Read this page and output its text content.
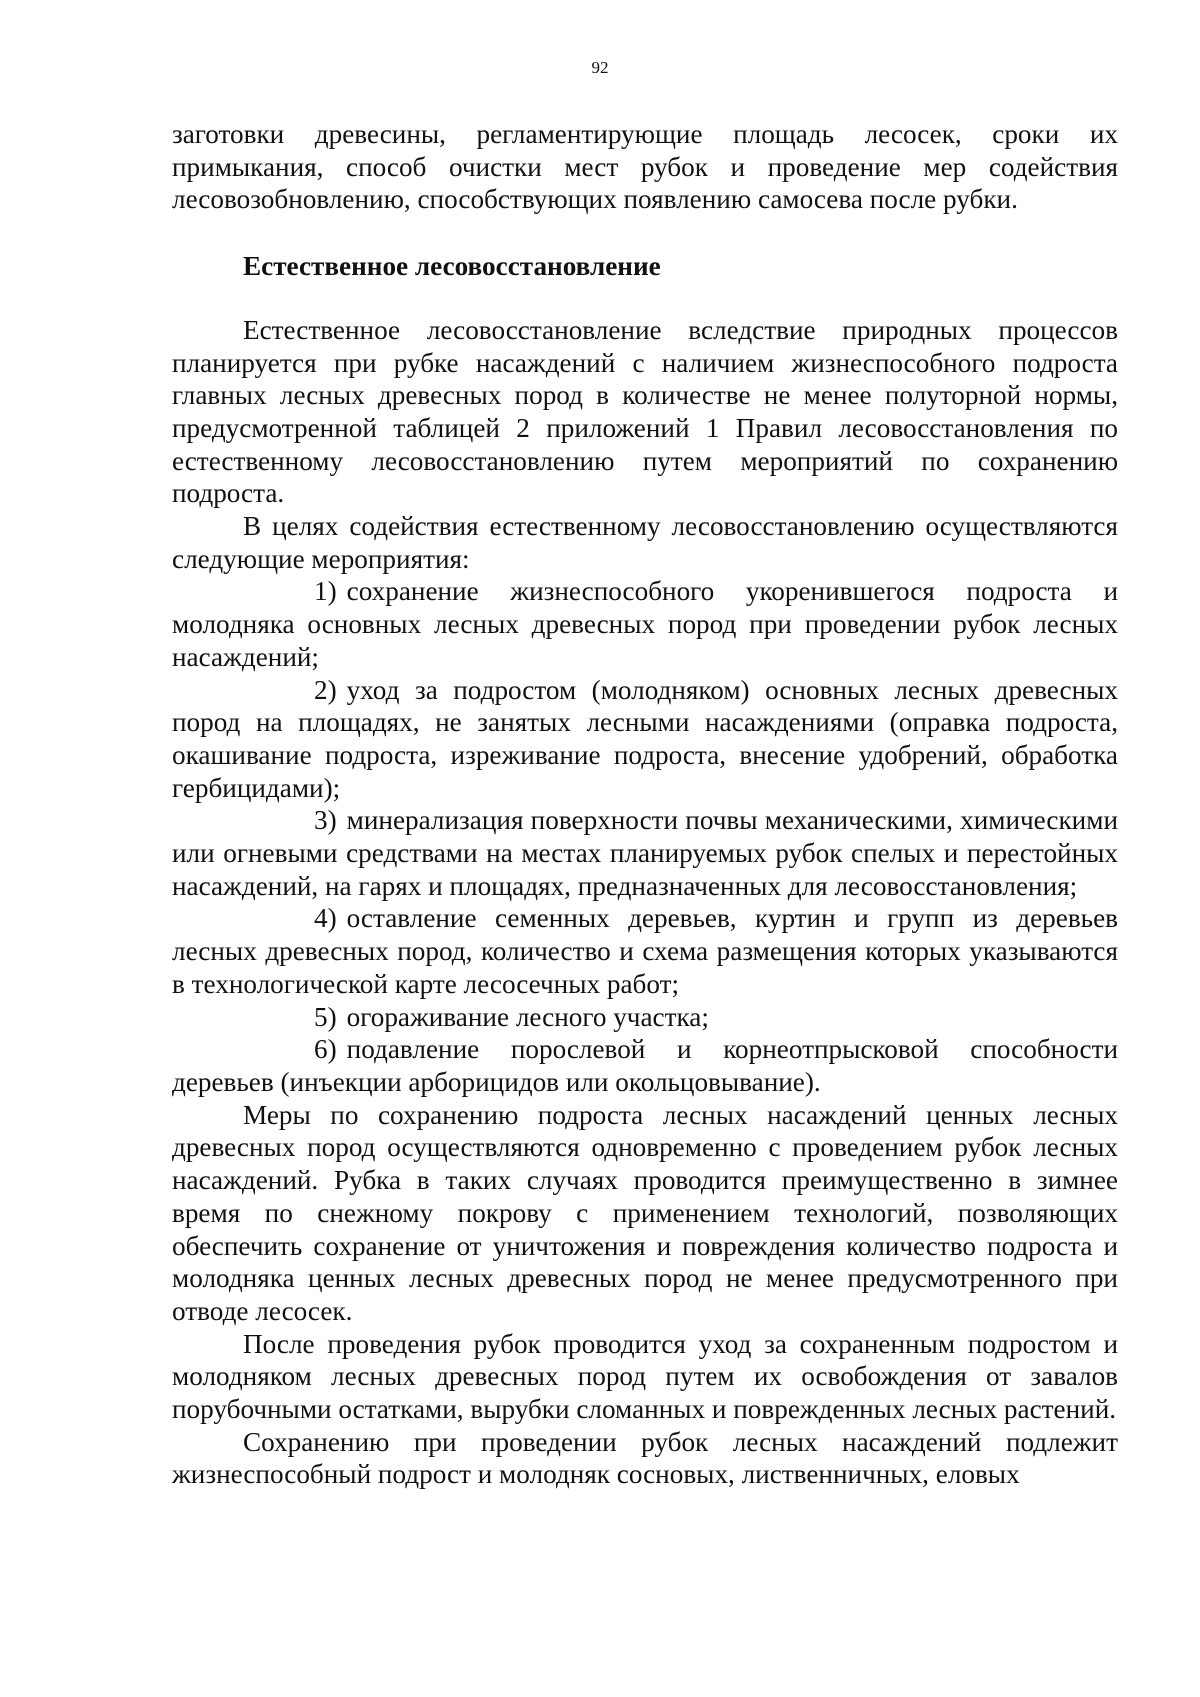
92

заготовки древесины, регламентирующие площадь лесосек, сроки их примыкания, способ очистки мест рубок и проведение мер содействия лесовозобновлению, способствующих появлению самосева после рубки.

Естественное лесовосстановление

Естественное лесовосстановление вследствие природных процессов планируется при рубке насаждений с наличием жизнеспособного подроста главных лесных древесных пород в количестве не менее полуторной нормы, предусмотренной таблицей 2 приложений 1 Правил лесовосстановления по естественному лесовосстановлению путем мероприятий по сохранению подроста.

В целях содействия естественному лесовосстановлению осуществляются следующие мероприятия:

1) сохранение жизнеспособного укоренившегося подроста и молодняка основных лесных древесных пород при проведении рубок лесных насаждений;

2) уход за подростом (молодняком) основных лесных древесных пород на площадях, не занятых лесными насаждениями (оправка подроста, окашивание подроста, изреживание подроста, внесение удобрений, обработка гербицидами);

3) минерализация поверхности почвы механическими, химическими или огневыми средствами на местах планируемых рубок спелых и перестойных насаждений, на гарях и площадях, предназначенных для лесовосстановления;

4) оставление семенных деревьев, куртин и групп из деревьев лесных древесных пород, количество и схема размещения которых указываются в технологической карте лесосечных работ;

5) огораживание лесного участка;

6) подавление порослевой и корнеотпрысковой способности деревьев (инъекции арборицидов или окольцовывание).

Меры по сохранению подроста лесных насаждений ценных лесных древесных пород осуществляются одновременно с проведением рубок лесных насаждений. Рубка в таких случаях проводится преимущественно в зимнее время по снежному покрову с применением технологий, позволяющих обеспечить сохранение от уничтожения и повреждения количество подроста и молодняка ценных лесных древесных пород не менее предусмотренного при отводе лесосек.

После проведения рубок проводится уход за сохраненным подростом и молодняком лесных древесных пород путем их освобождения от завалов порубочными остатками, вырубки сломанных и поврежденных лесных растений.

Сохранению при проведении рубок лесных насаждений подлежит жизнеспособный подрост и молодняк сосновых, лиственничных, еловых
